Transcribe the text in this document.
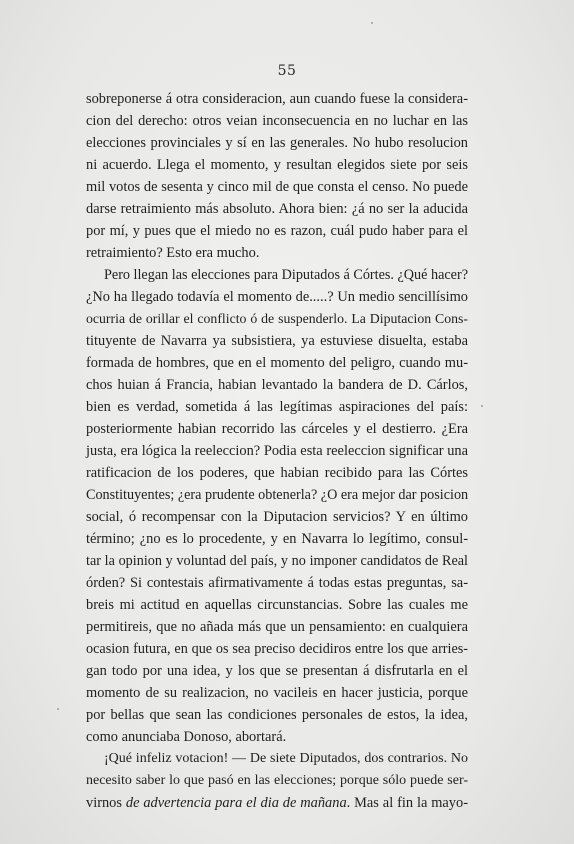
55
sobreponerse á otra consideracion, aun cuando fuese la considera-
cion del derecho: otros veian inconsecuencia en no luchar en las
elecciones provinciales y sí en las generales. No hubo resolucion
ni acuerdo. Llega el momento, y resultan elegidos siete por seis
mil votos de sesenta y cinco mil de que consta el censo. No puede
darse retraimiento más absoluto. Ahora bien: ¿á no ser la aducida
por mí, y pues que el miedo no es razon, cuál pudo haber para el
retraimiento? Esto era mucho.
Pero llegan las elecciones para Diputados á Córtes. ¿Qué hacer?
¿No ha llegado todavía el momento de.....? Un medio sencillísimo
ocurria de orillar el conflicto ó de suspenderlo. La Diputacion Cons-
tituyente de Navarra ya subsistiera, ya estuviese disuelta, estaba
formada de hombres, que en el momento del peligro, cuando mu-
chos huian á Francia, habian levantado la bandera de D. Cárlos,
bien es verdad, sometida á las legítimas aspiraciones del país:
posteriormente habian recorrido las cárceles y el destierro. ¿Era
justa, era lógica la reeleccion? Podia esta reeleccion significar una
ratificacion de los poderes, que habian recibido para las Córtes
Constituyentes; ¿era prudente obtenerla? ¿O era mejor dar posicion
social, ó recompensar con la Diputacion servicios? Y en último
término; ¿no es lo procedente, y en Navarra lo legítimo, consul-
tar la opinion y voluntad del país, y no imponer candidatos de Real
órden? Si contestais afirmativamente á todas estas preguntas, sa-
breis mi actitud en aquellas circunstancias. Sobre las cuales me
permitireis, que no añada más que un pensamiento: en cualquiera
ocasion futura, en que os sea preciso decidiros entre los que arries-
gan todo por una idea, y los que se presentan á disfrutarla en el
momento de su realizacion, no vacileis en hacer justicia, porque
por bellas que sean las condiciones personales de estos, la idea,
como anunciaba Donoso, abortará.
¡Qué infeliz votacion! — De siete Diputados, dos contrarios. No
necesito saber lo que pasó en las elecciones; porque sólo puede ser-
virnos de advertencia para el dia de mañana. Mas al fin la mayo-
